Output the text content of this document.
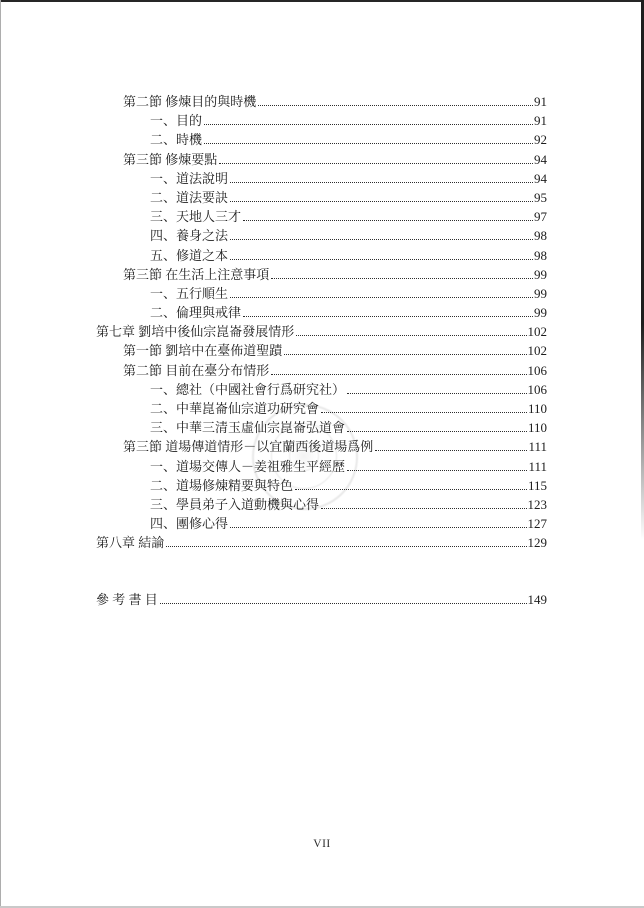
第二節 修煉目的與時機	91
一、目的	91
二、時機	92
第三節 修煉要點	94
一、道法說明	94
二、道法要訣	95
三、天地人三才	97
四、養身之法	98
五、修道之本	98
第三節 在生活上注意事項	99
一、五行順生	99
二、倫理與戒律	99
第七章 劉培中後仙宗崑崙發展情形	102
第一節 劉培中在臺佈道聖蹟	102
第二節 目前在臺分布情形	106
一、總社（中國社會行爲研究社）	106
二、中華崑崙仙宗道功研究會	110
三、中華三清玉虛仙宗崑崙弘道會	110
第三節 道場傳道情形－以宜蘭西後道場爲例	111
一、道場交傳人－姜祖雅生平經歷	111
二、道場修煉精要與特色	115
三、學員弟子入道動機與心得	123
四、團修心得	127
第八章 結論	129
參 考 書 目	149
VII
